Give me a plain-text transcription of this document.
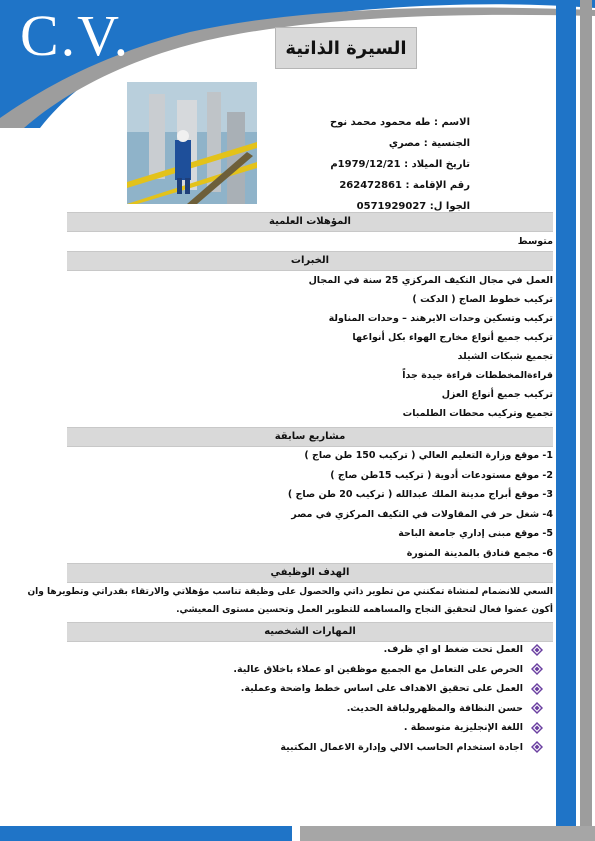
C.V.	السيرة الذاتية
الاسم : طه محمود محمد نوح
الجنسية : مصري
تاريخ الميلاد : 1979/12/21م
رقم الإقامة : 262472861
الجوا ل: 0571929027
المؤهلات العلمية
متوسط
الخبرات
العمل في مجال التكيف المركزي 25 سنة في المجال
تركيب خطوط الصاج ( الدكت )
تركيب وتسكين وحدات الايرهند – وحدات المناولة
تركيب جميع أنواع مخارج الهواء بكل أنواعها
تجميع شبكات الشيلد
قراءةالمخططات قراءة جيدة جداً
تركيب جميع أنواع العزل
تجميع وتركيب محطات الطلمبات
مشاريع سابقة
1- موقع وزارة التعليم العالي ( تركيب 150 طن صاج )
2- موقع مستودعات أدوية ( تركيب 15طن صاج )
3- موقع أبراج مدينة الملك عبدالله ( تركيب 20 طن صاج )
4- شغل حر في المقاولات في التكيف المركزي في مصر
5- موقع مبنى إداري جامعة الباحة
6- مجمع فنادق بالمدينة المنورة
الهدف الوظيفي
السعي للانضمام لمنشاة تمكنني من تطوير ذاتي والحصول على وظيفة تناسب مؤهلاتي والارتقاء بقدراتي وتطويرها وان
أكون عضوا فعال لتحقيق النجاح والمساهمه للتطوير العمل وتحسين مستوى المعيشي.
المهارات الشخصيه
العمل تحت ضغط او اي ظرف.
الحرص على التعامل مع الجميع موظفين او عملاء باخلاق عالية.
العمل على تحقيق الاهداف على اساس خطط واضحة وعملية.
حسن النظافة والمظهرولباقة الحديث.
اللغة الإنجليزية متوسطة .
اجادة استخدام الحاسب الالي وإدارة الاعمال المكتبية
